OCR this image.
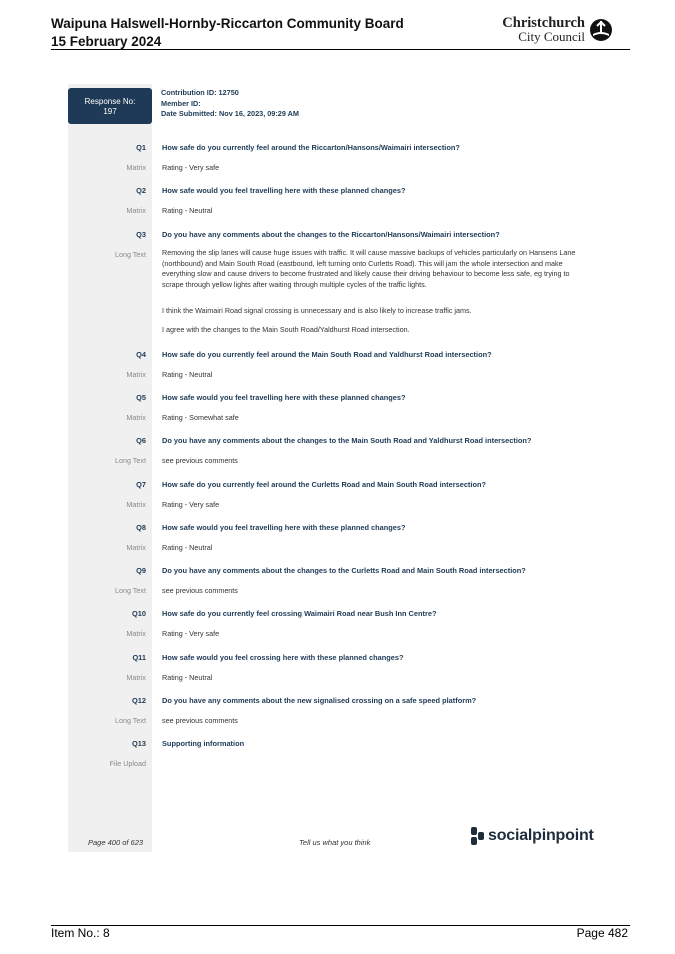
Waipuna Halswell-Hornby-Riccarton Community Board
15 February 2024
Christchurch
City Council
Response No:
197
Contribution ID: 12750
Member ID:
Date Submitted: Nov 16, 2023, 09:29 AM
Q1 How safe do you currently feel around the Riccarton/Hansons/Waimairi intersection?
Matrix Rating - Very safe
Q2 How safe would you feel travelling here with these planned changes?
Matrix Rating - Neutral
Q3 Do you have any comments about the changes to the Riccarton/Hansons/Waimairi intersection?
Long Text Removing the slip lanes will cause huge issues with traffic. It will cause massive backups of vehicles particularly on Hansens Lane (northbound) and Main South Road (eastbound, left turning onto Curletts Road). This will jam the whole intersection and make everything slow and cause drivers to become frustrated and likely cause their driving behaviour to become less safe, eg trying to scrape through yellow lights after waiting through multiple cycles of the traffic lights.
I think the Waimairi Road signal crossing is unnecessary and is also likely to increase traffic jams.
I agree with the changes to the Main South Road/Yaldhurst Road intersection.
Q4 How safe do you currently feel around the Main South Road and Yaldhurst Road intersection?
Matrix Rating - Neutral
Q5 How safe would you feel travelling here with these planned changes?
Matrix Rating - Somewhat safe
Q6 Do you have any comments about the changes to the Main South Road and Yaldhurst Road intersection?
Long Text see previous comments
Q7 How safe do you currently feel around the Curletts Road and Main South Road intersection?
Matrix Rating - Very safe
Q8 How safe would you feel travelling here with these planned changes?
Matrix Rating - Neutral
Q9 Do you have any comments about the changes to the Curletts Road and Main South Road intersection?
Long Text see previous comments
Q10 How safe do you currently feel crossing Waimairi Road near Bush Inn Centre?
Matrix Rating - Very safe
Q11 How safe would you feel crossing here with these planned changes?
Matrix Rating - Neutral
Q12 Do you have any comments about the new signalised crossing on a safe speed platform?
Long Text see previous comments
Q13 Supporting information
File Upload
Page 400 of 623	Tell us what you think	socialpinpoint
Item No.: 8	Page 482
